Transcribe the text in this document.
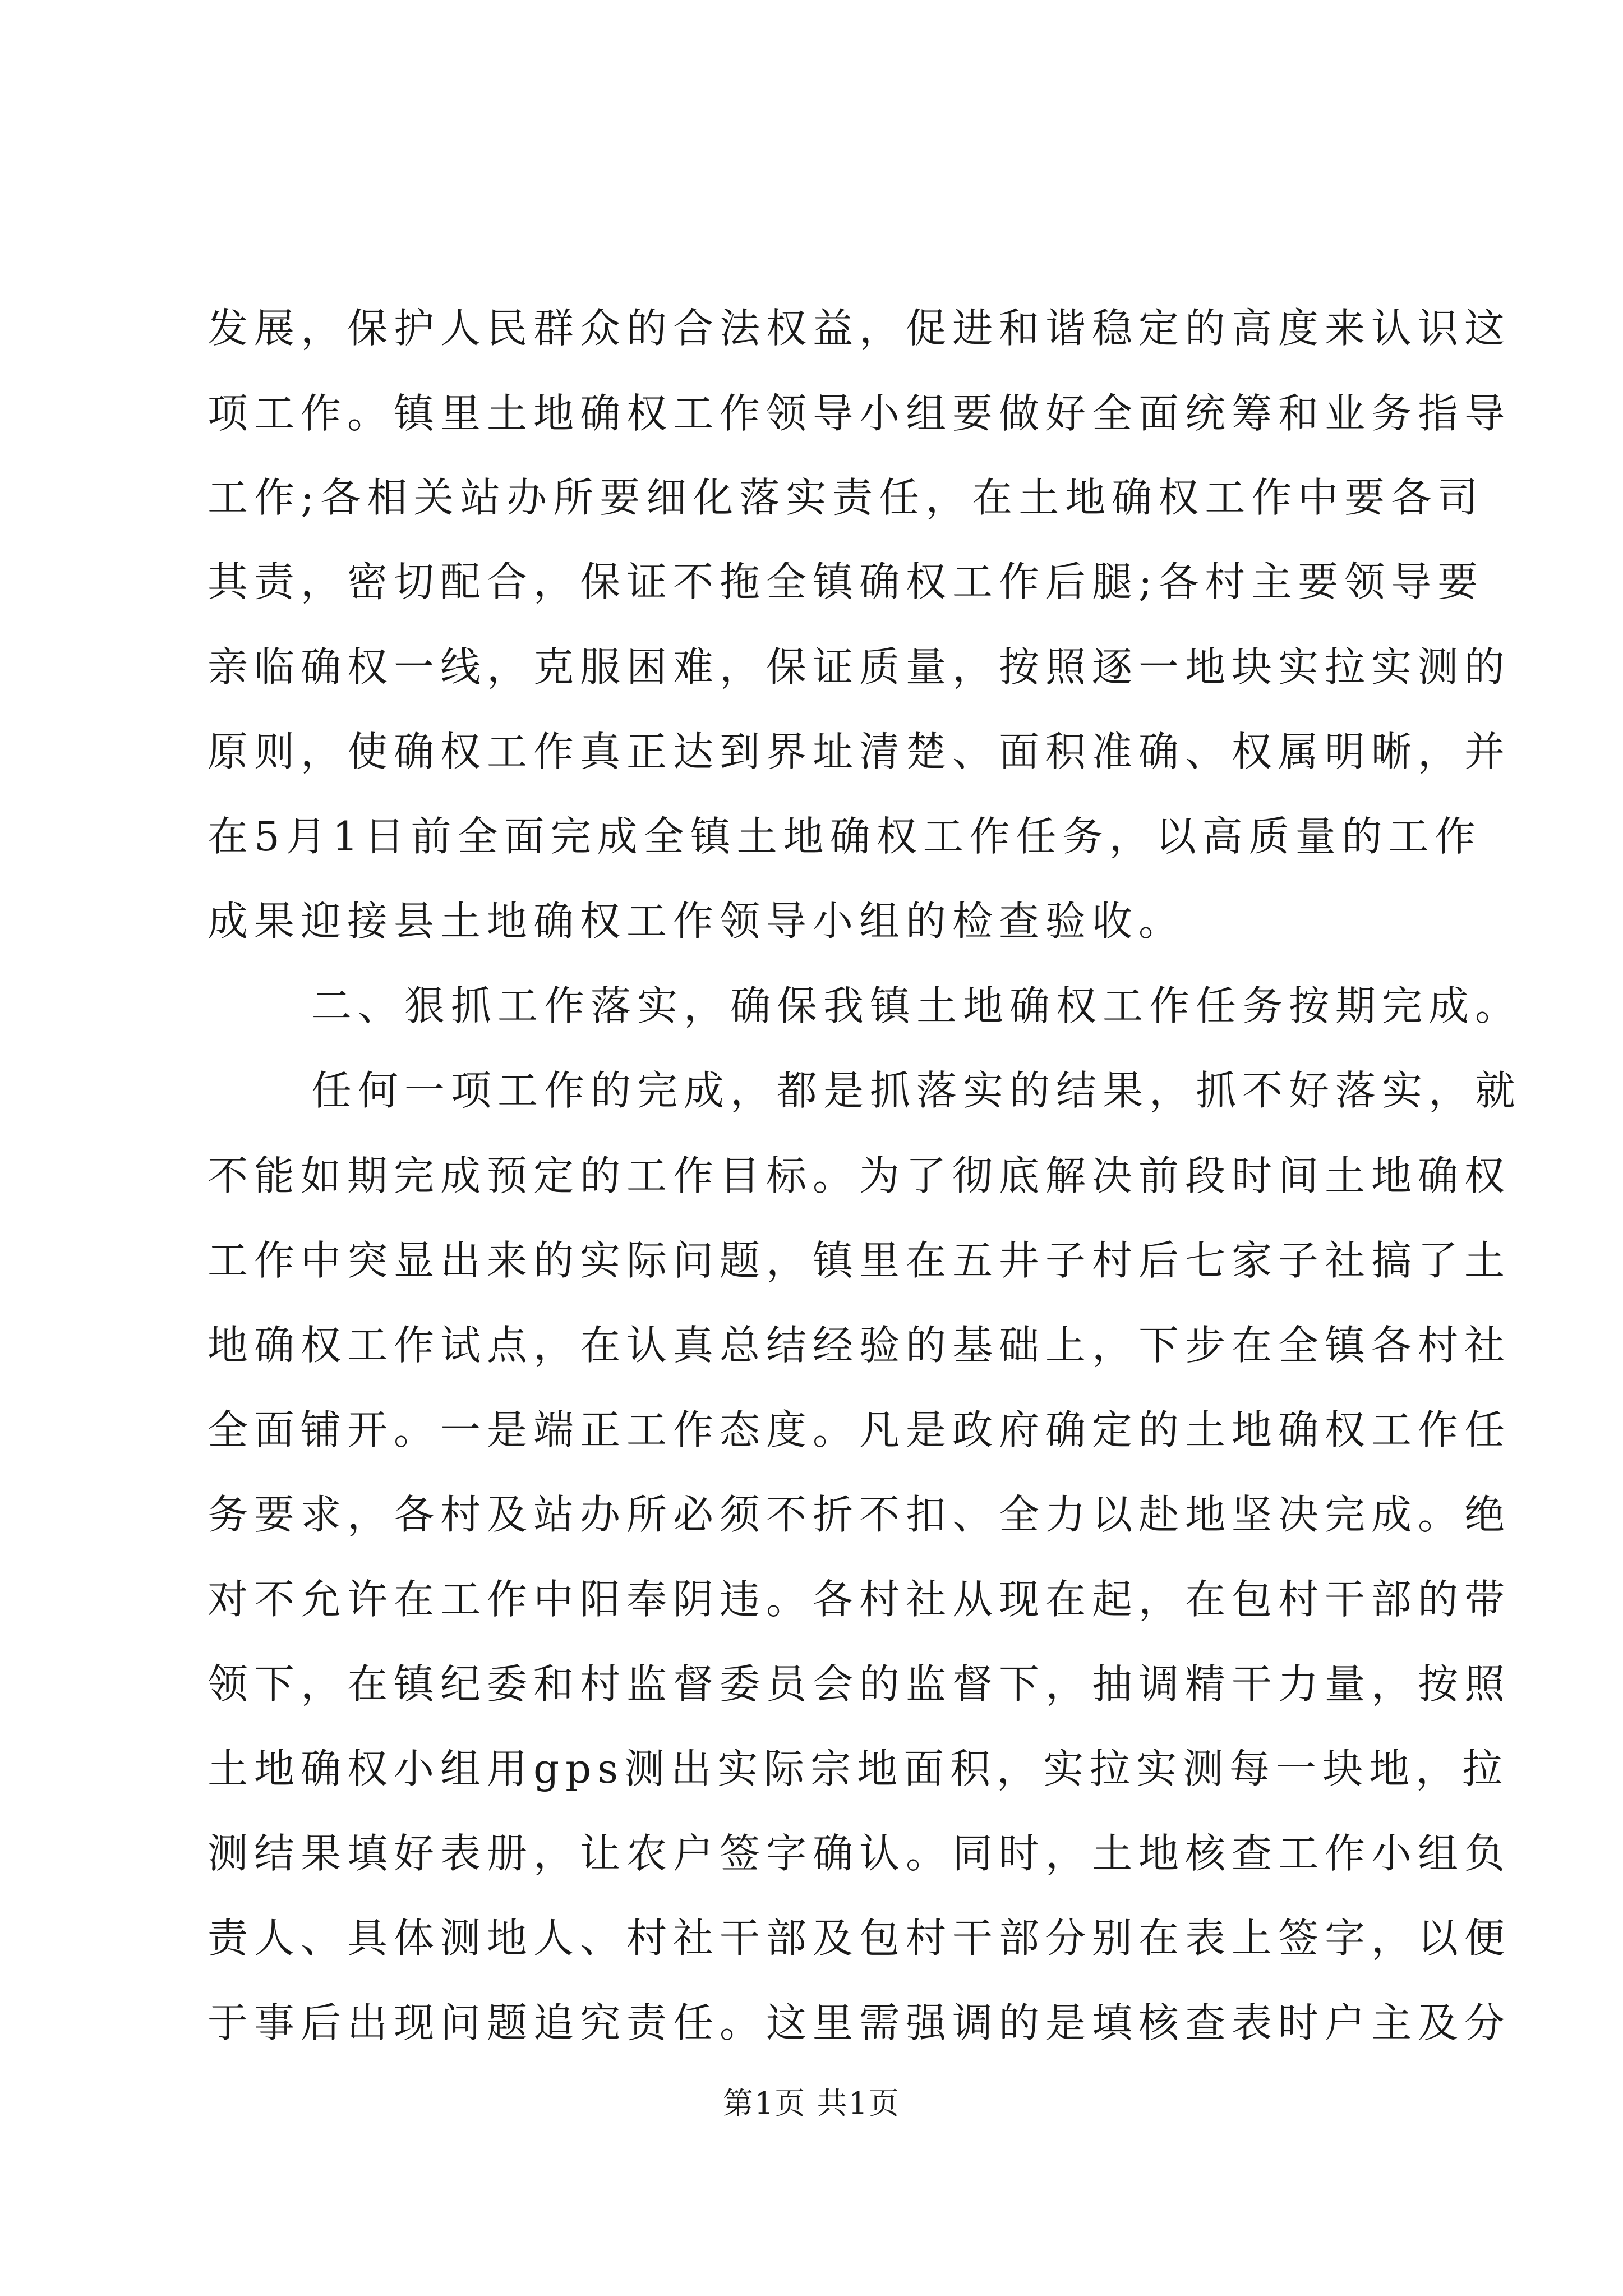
发展，保护人民群众的合法权益，促进和谐稳定的高度来认识这
项工作。镇里土地确权工作领导小组要做好全面统筹和业务指导
工作;各相关站办所要细化落实责任，在土地确权工作中要各司
其责，密切配合，保证不拖全镇确权工作后腿;各村主要领导要
亲临确权一线，克服困难，保证质量，按照逐一地块实拉实测的
原则，使确权工作真正达到界址清楚、面积准确、权属明晰，并
在5月1日前全面完成全镇土地确权工作任务，以高质量的工作
成果迎接县土地确权工作领导小组的检查验收。
二、狠抓工作落实，确保我镇土地确权工作任务按期完成。
任何一项工作的完成，都是抓落实的结果，抓不好落实，就
不能如期完成预定的工作目标。为了彻底解决前段时间土地确权
工作中突显出来的实际问题，镇里在五井子村后七家子社搞了土
地确权工作试点，在认真总结经验的基础上，下步在全镇各村社
全面铺开。一是端正工作态度。凡是政府确定的土地确权工作任
务要求，各村及站办所必须不折不扣、全力以赴地坚决完成。绝
对不允许在工作中阳奉阴违。各村社从现在起，在包村干部的带
领下，在镇纪委和村监督委员会的监督下，抽调精干力量，按照
土地确权小组用gps测出实际宗地面积，实拉实测每一块地，拉
测结果填好表册，让农户签字确认。同时，土地核查工作小组负
责人、具体测地人、村社干部及包村干部分别在表上签字，以便
于事后出现问题追究责任。这里需强调的是填核查表时户主及分
第1页 共1页
